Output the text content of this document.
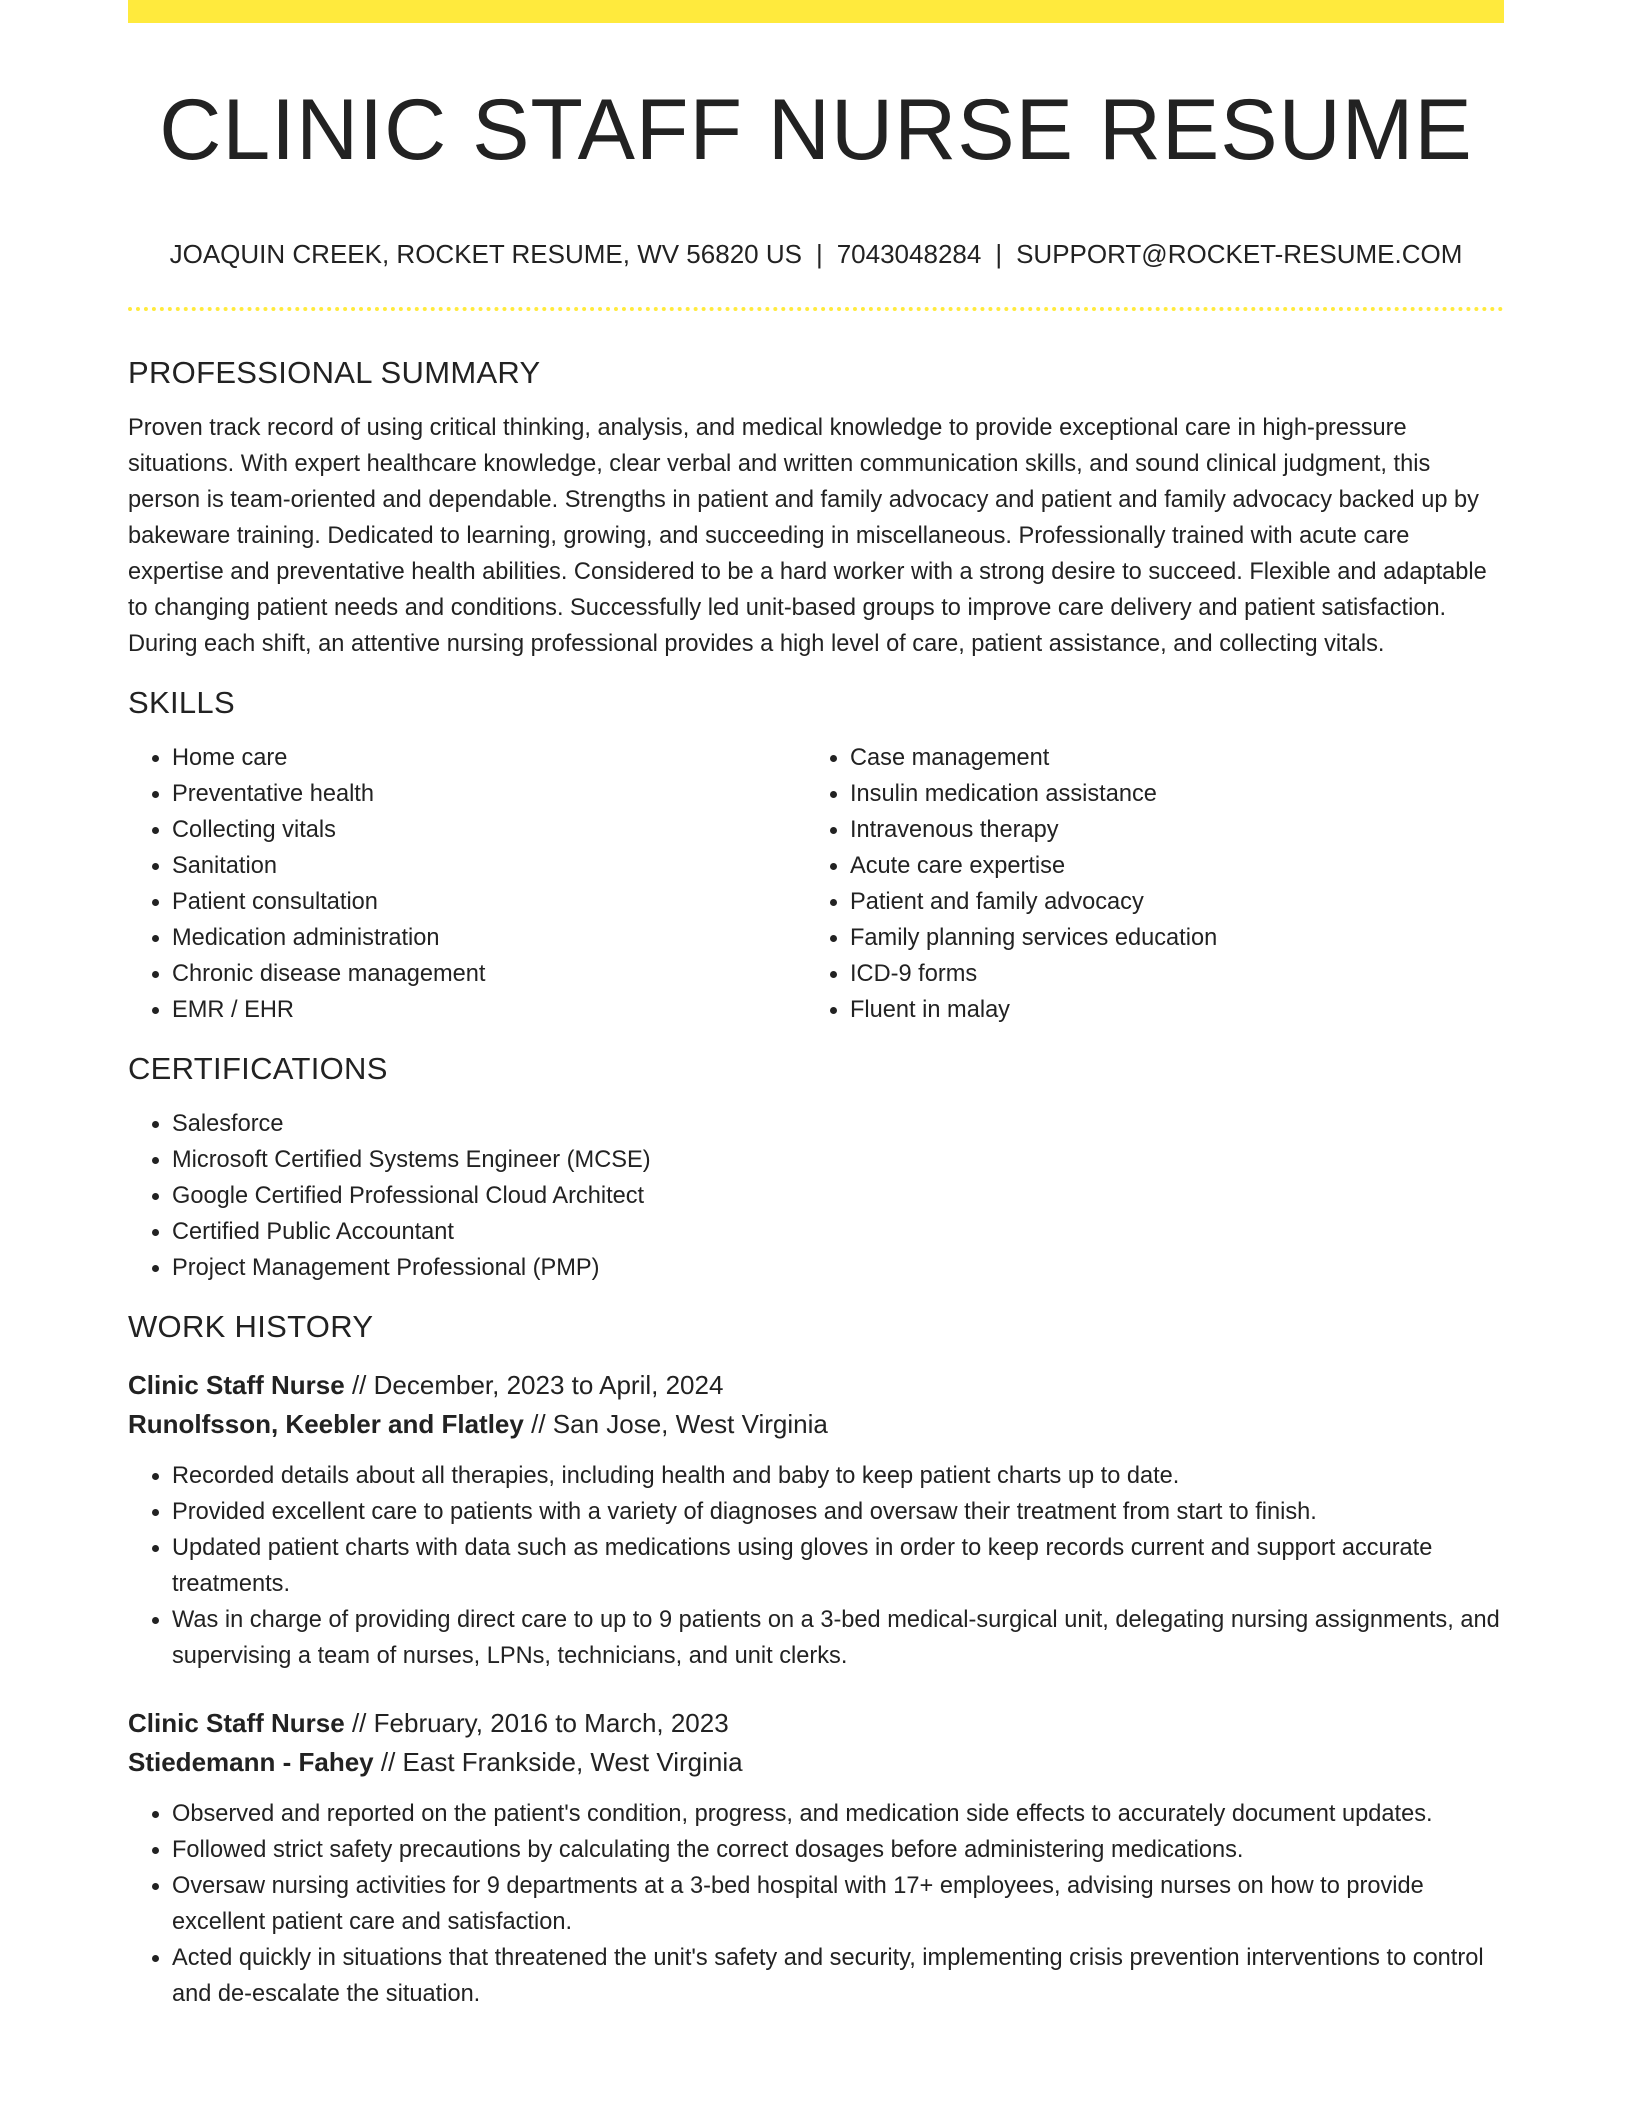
CLINIC STAFF NURSE RESUME
JOAQUIN CREEK, ROCKET RESUME, WV 56820 US | 7043048284 | SUPPORT@ROCKET-RESUME.COM
PROFESSIONAL SUMMARY

Proven track record of using critical thinking, analysis, and medical knowledge to provide exceptional care in high-pressure situations. With expert healthcare knowledge, clear verbal and written communication skills, and sound clinical judgment, this person is team-oriented and dependable. Strengths in patient and family advocacy and patient and family advocacy backed up by bakeware training. Dedicated to learning, growing, and succeeding in miscellaneous. Professionally trained with acute care expertise and preventative health abilities. Considered to be a hard worker with a strong desire to succeed. Flexible and adaptable to changing patient needs and conditions. Successfully led unit-based groups to improve care delivery and patient satisfaction. During each shift, an attentive nursing professional provides a high level of care, patient assistance, and collecting vitals.

SKILLS
• Home care
• Preventative health
• Collecting vitals
• Sanitation
• Patient consultation
• Medication administration
• Chronic disease management
• EMR / EHR
• Case management
• Insulin medication assistance
• Intravenous therapy
• Acute care expertise
• Patient and family advocacy
• Family planning services education
• ICD-9 forms
• Fluent in malay
CERTIFICATIONS
• Salesforce
• Microsoft Certified Systems Engineer (MCSE)
• Google Certified Professional Cloud Architect
• Certified Public Accountant
• Project Management Professional (PMP)
WORK HISTORY
Clinic Staff Nurse // December, 2023 to April, 2024
Runolfsson, Keebler and Flatley // San Jose, West Virginia
• Recorded details about all therapies, including health and baby to keep patient charts up to date.
• Provided excellent care to patients with a variety of diagnoses and oversaw their treatment from start to finish.
• Updated patient charts with data such as medications using gloves in order to keep records current and support accurate treatments.
• Was in charge of providing direct care to up to 9 patients on a 3-bed medical-surgical unit, delegating nursing assignments, and supervising a team of nurses, LPNs, technicians, and unit clerks.
Clinic Staff Nurse // February, 2016 to March, 2023
Stiedemann - Fahey // East Frankside, West Virginia
• Observed and reported on the patient's condition, progress, and medication side effects to accurately document updates.
• Followed strict safety precautions by calculating the correct dosages before administering medications.
• Oversaw nursing activities for 9 departments at a 3-bed hospital with 17+ employees, advising nurses on how to provide excellent patient care and satisfaction.
• Acted quickly in situations that threatened the unit's safety and security, implementing crisis prevention interventions to control and de-escalate the situation.
